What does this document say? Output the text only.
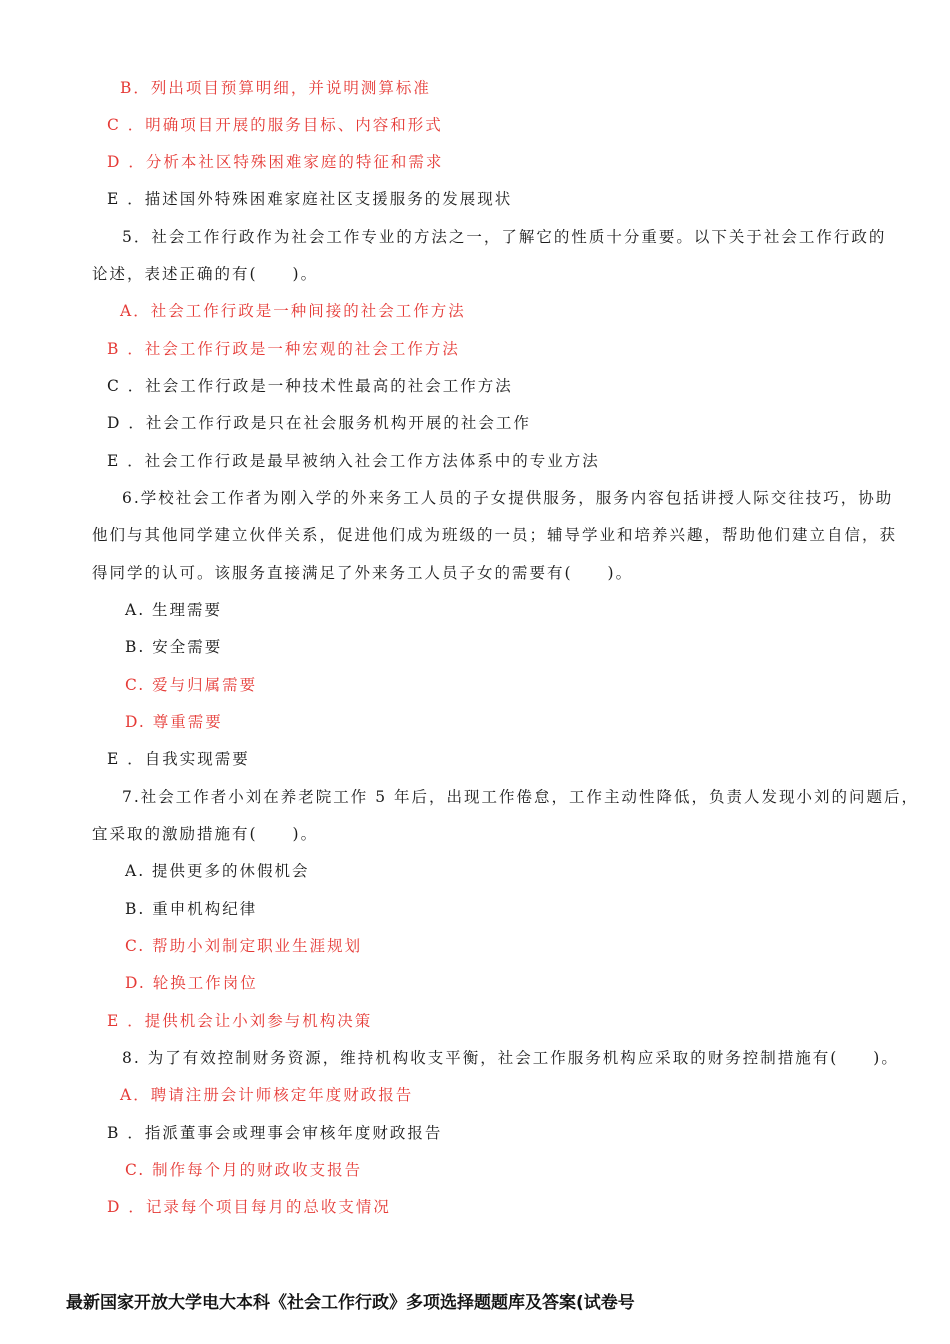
B．列出项目预算明细，并说明测算标准
C ．明确项目开展的服务目标、内容和形式
D ．分析本社区特殊困难家庭的特征和需求
E ．描述国外特殊困难家庭社区支援服务的发展现状
5．社会工作行政作为社会工作专业的方法之一，了解它的性质十分重要。以下关于社会工作行政的
论述，表述正确的有(　　)。
A．社会工作行政是一种间接的社会工作方法
B ．社会工作行政是一种宏观的社会工作方法
C ．社会工作行政是一种技术性最高的社会工作方法
D ．社会工作行政是只在社会服务机构开展的社会工作
E ．社会工作行政是最早被纳入社会工作方法体系中的专业方法
6.学校社会工作者为刚入学的外来务工人员的子女提供服务，服务内容包括讲授人际交往技巧，协助
他们与其他同学建立伙伴关系，促进他们成为班级的一员；辅导学业和培养兴趣，帮助他们建立自信，获
得同学的认可。该服务直接满足了外来务工人员子女的需要有(　　)。
A. 生理需要
B. 安全需要
C. 爱与归属需要
D. 尊重需要
E ．自我实现需要
7.社会工作者小刘在养老院工作 5 年后，出现工作倦怠，工作主动性降低，负责人发现小刘的问题后，
宜采取的激励措施有(　　)。
A. 提供更多的休假机会
B. 重申机构纪律
C. 帮助小刘制定职业生涯规划
D. 轮换工作岗位
E ．提供机会让小刘参与机构决策
8. 为了有效控制财务资源，维持机构收支平衡，社会工作服务机构应采取的财务控制措施有(　　)。
A．聘请注册会计师核定年度财政报告
B ．指派董事会或理事会审核年度财政报告
C. 制作每个月的财政收支报告
D ．记录每个项目每月的总收支情况
最新国家开放大学电大本科《社会工作行政》多项选择题题库及答案(试卷号
